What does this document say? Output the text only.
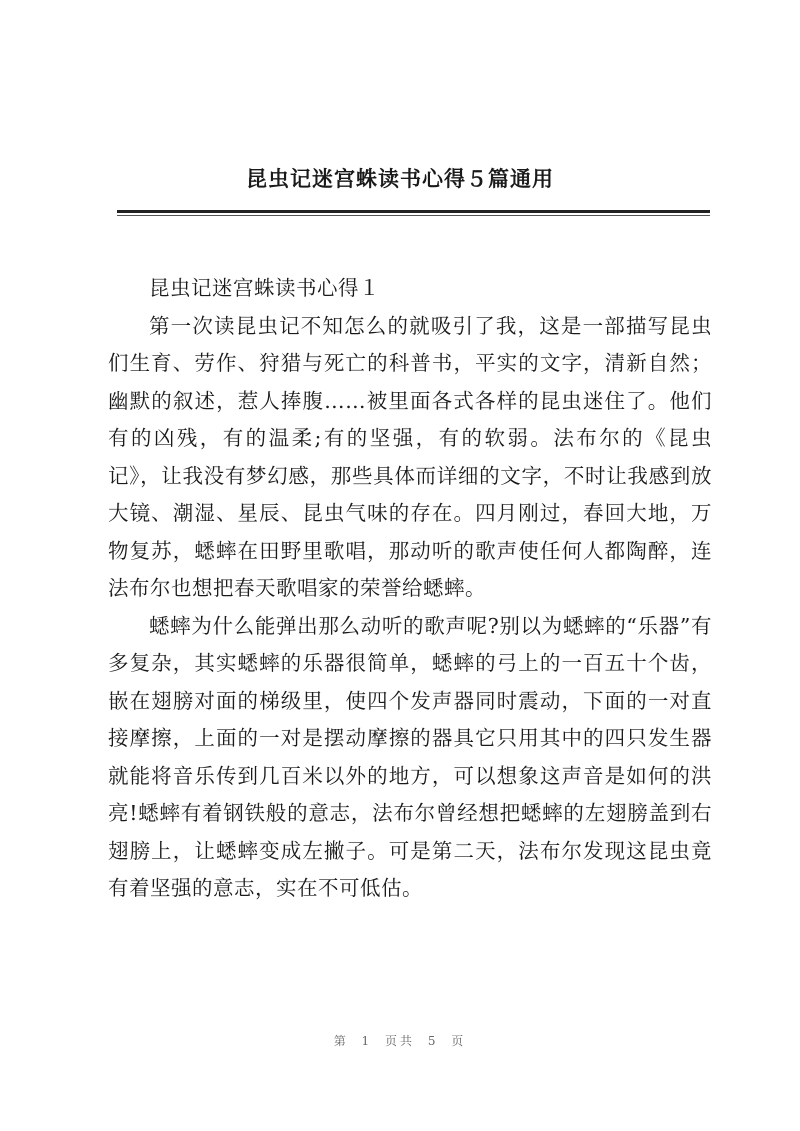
昆虫记迷宫蛛读书心得５篇通用

昆虫记迷宫蛛读书心得１

第一次读昆虫记不知怎么的就吸引了我，这是一部描写昆虫们生育、劳作、狩猎与死亡的科普书，平实的文字，清新自然；幽默的叙述，惹人捧腹……被里面各式各样的昆虫迷住了。他们有的凶残，有的温柔;有的坚强，有的软弱。法布尔的《昆虫记》，让我没有梦幻感，那些具体而详细的文字，不时让我感到放大镜、潮湿、星辰、昆虫气味的存在。四月刚过，春回大地，万物复苏，蟋蟀在田野里歌唱，那动听的歌声使任何人都陶醉，连法布尔也想把春天歌唱家的荣誉给蟋蟀。

蟋蟀为什么能弹出那么动听的歌声呢?别以为蟋蟀的“乐器”有多复杂，其实蟋蟀的乐器很简单，蟋蟀的弓上的一百五十个齿，嵌在翅膀对面的梯级里，使四个发声器同时震动，下面的一对直接摩擦，上面的一对是摆动摩擦的器具它只用其中的四只发生器就能将音乐传到几百米以外的地方，可以想象这声音是如何的洪亮!蟋蟀有着钢铁般的意志，法布尔曾经想把蟋蟀的左翅膀盖到右翅膀上，让蟋蟀变成左撇子。可是第二天，法布尔发现这昆虫竟有着坚强的意志，实在不可低估。

第 1 页共 5 页
